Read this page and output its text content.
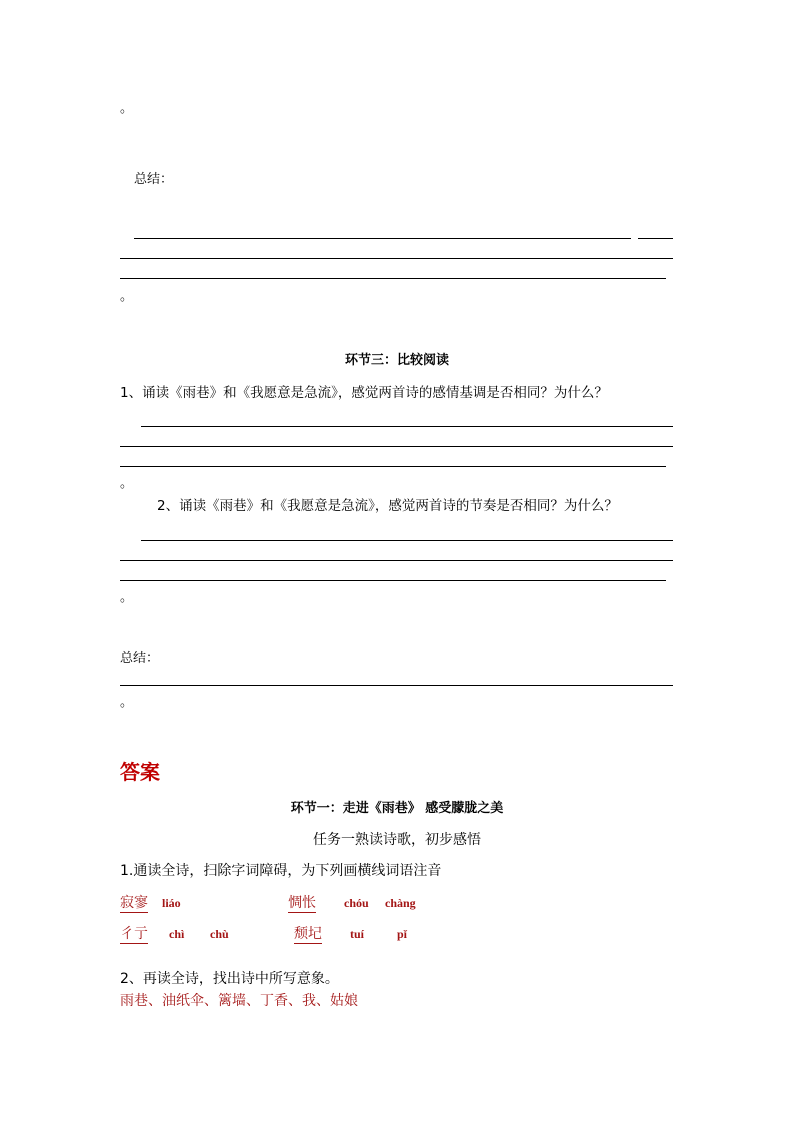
。
总结：
。
环节三：比较阅读
1、诵读《雨巷》和《我愿意是急流》，感觉两首诗的感情基调是否相同？为什么？
。
2、诵读《雨巷》和《我愿意是急流》，感觉两首诗的节奏是否相同？为什么？
。
总结：
。
答案
环节一：走进《雨巷》 感受朦胧之美
任务一熟读诗歌，初步感悟
1.通读全诗，扫除字词障碍，为下列画横线词语注音
寂寥 liáo	惆怅 chóu chàng
彳亍 chì chù	颓圮 tuí	pǐ
2、再读全诗，找出诗中所写意象。
雨巷、油纸伞、篱墙、丁香、我、姑娘
